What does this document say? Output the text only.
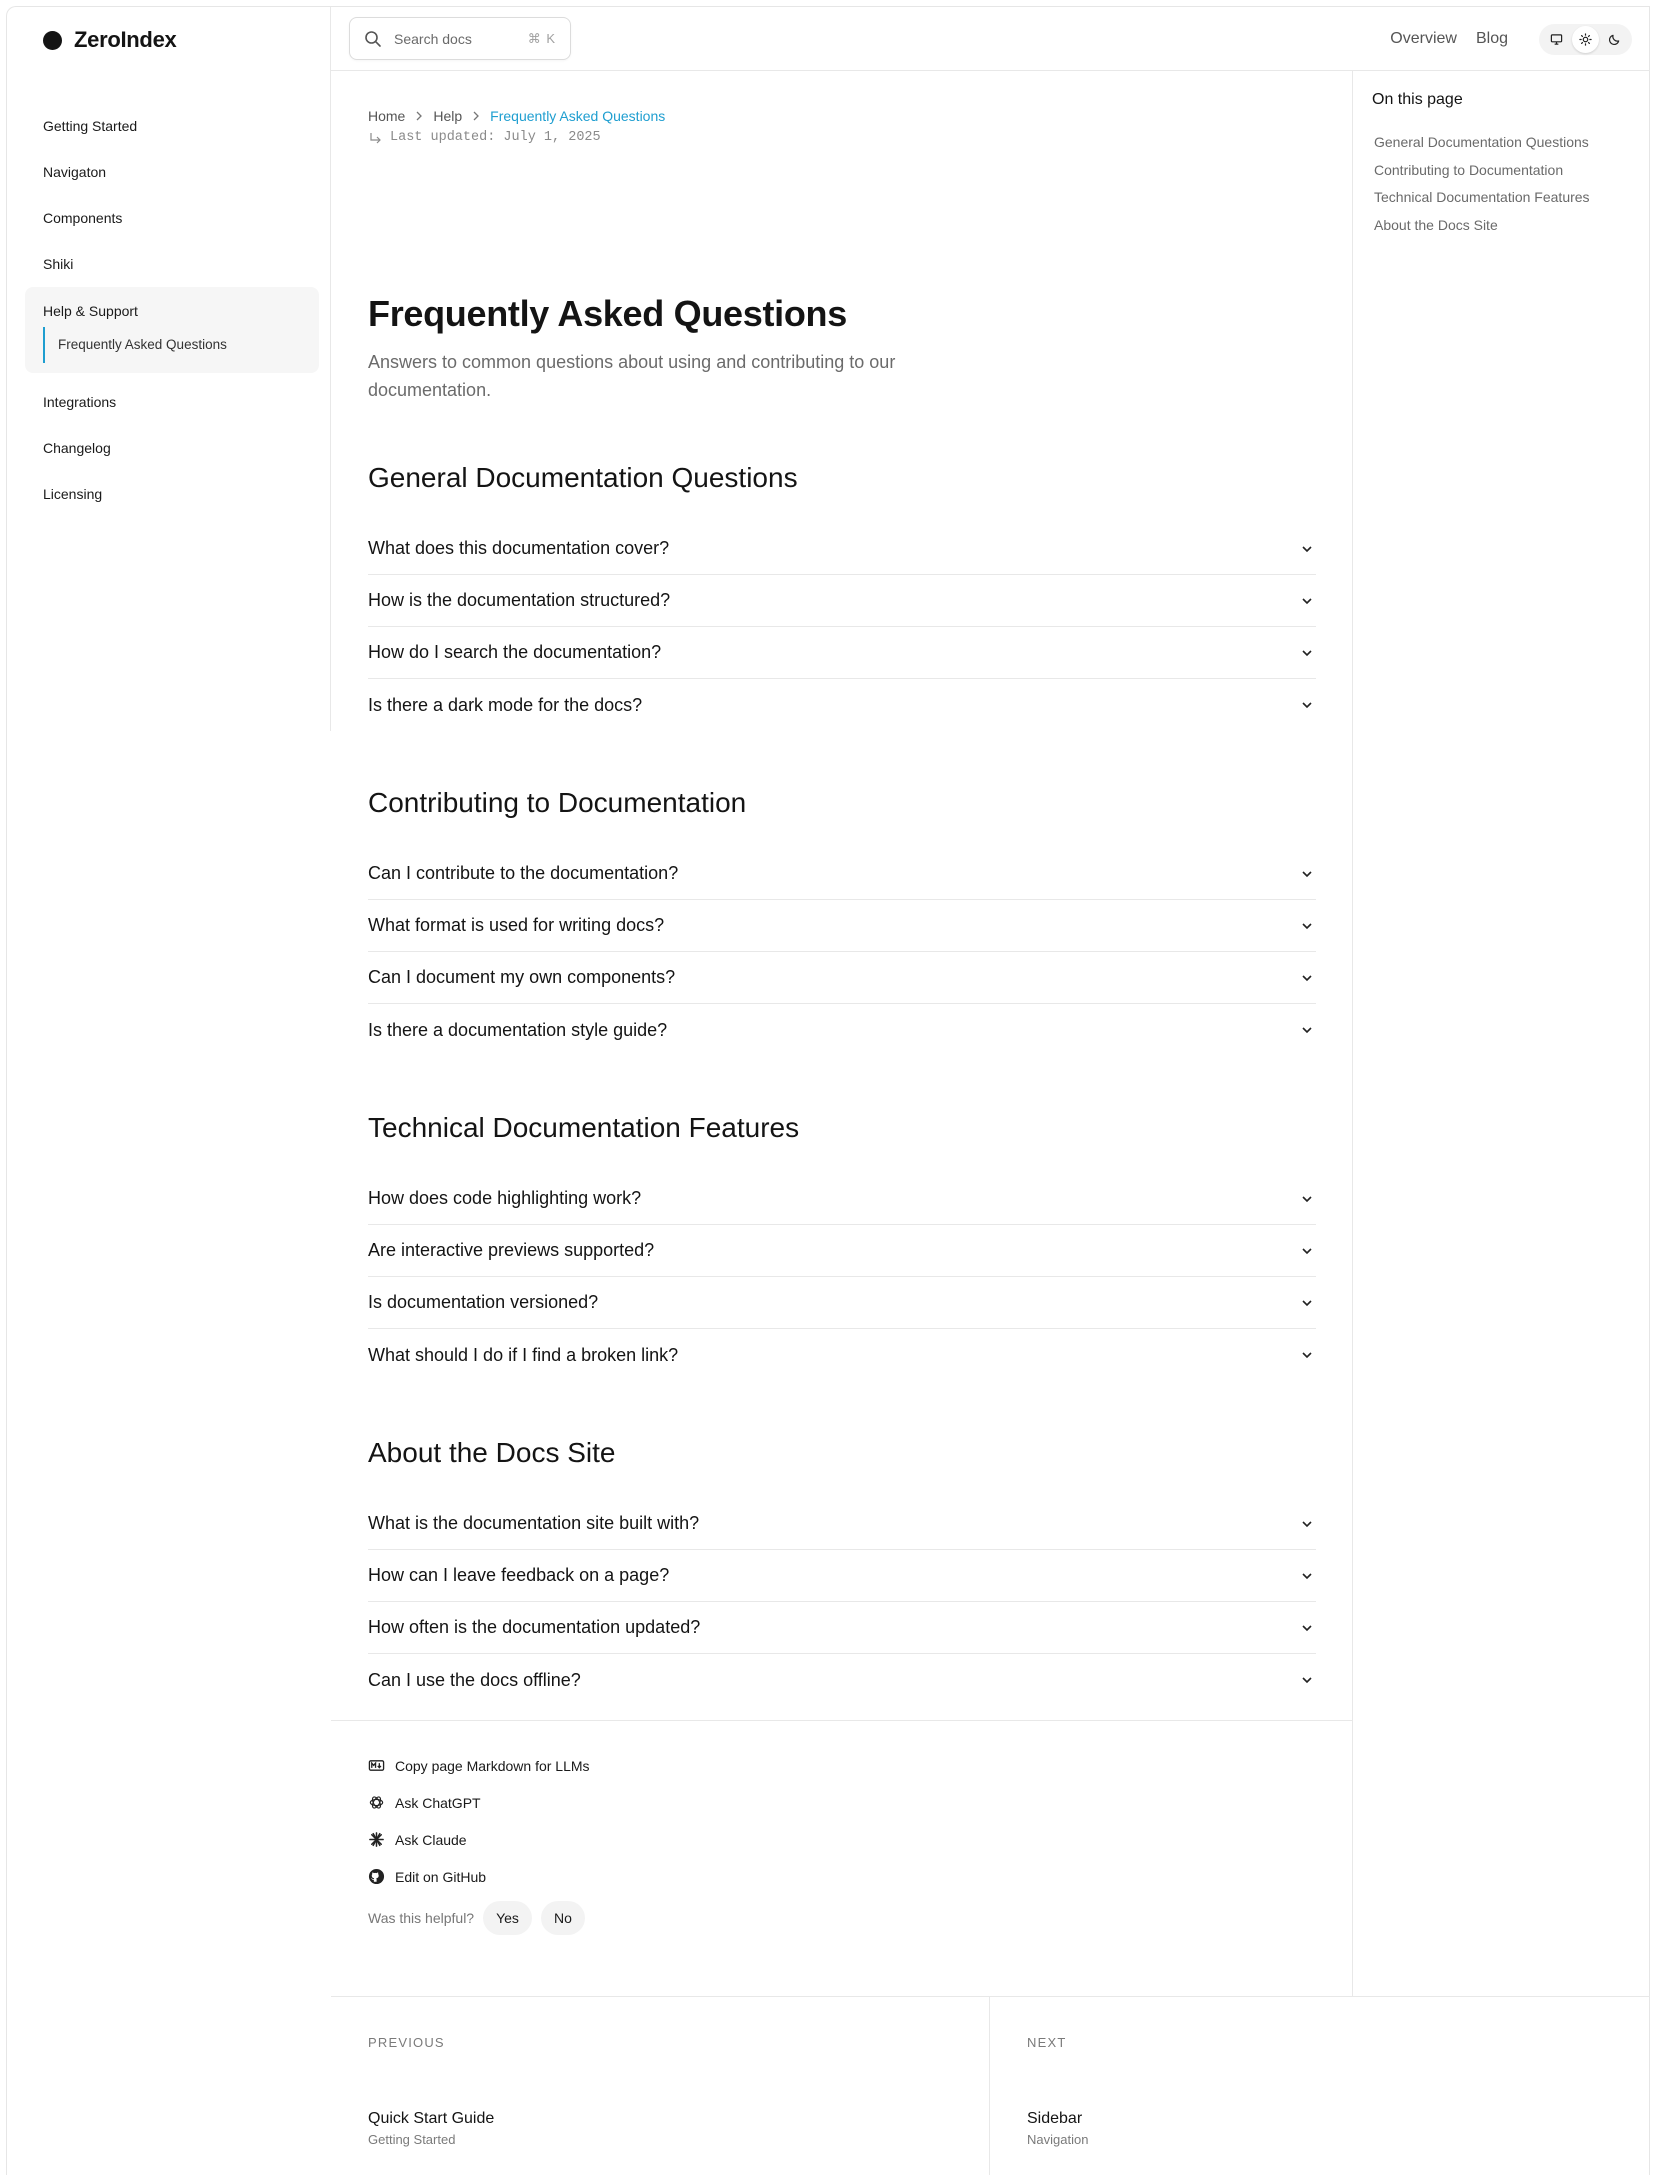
ZeroIndex
Getting Started
Navigaton
Components
Shiki
Help & Support
Frequently Asked Questions
Integrations
Changelog
Licensing
Search docs	⌘ K	Overview Blog
Home Help Frequently Asked Questions
Last updated: July 1, 2025
Frequently Asked Questions

Answers to common questions about using and contributing to our documentation.

General Documentation Questions
What does this documentation cover?
How is the documentation structured?
How do I search the documentation?
Is there a dark mode for the docs?
Contributing to Documentation
Can I contribute to the documentation?
What format is used for writing docs?
Can I document my own components?
Is there a documentation style guide?
Technical Documentation Features
How does code highlighting work?
Are interactive previews supported?
Is documentation versioned?
What should I do if I find a broken link?
About the Docs Site
What is the documentation site built with?
How can I leave feedback on a page?
How often is the documentation updated?
Can I use the docs offline?
Copy page Markdown for LLMs
Ask ChatGPT
Ask Claude
Edit on GitHub
Was this helpful?	Yes	No
On this page
General Documentation Questions
Contributing to Documentation
Technical Documentation Features
About the Docs Site
PREVIOUS
Quick Start Guide
Getting Started
NEXT
Sidebar
Navigation
